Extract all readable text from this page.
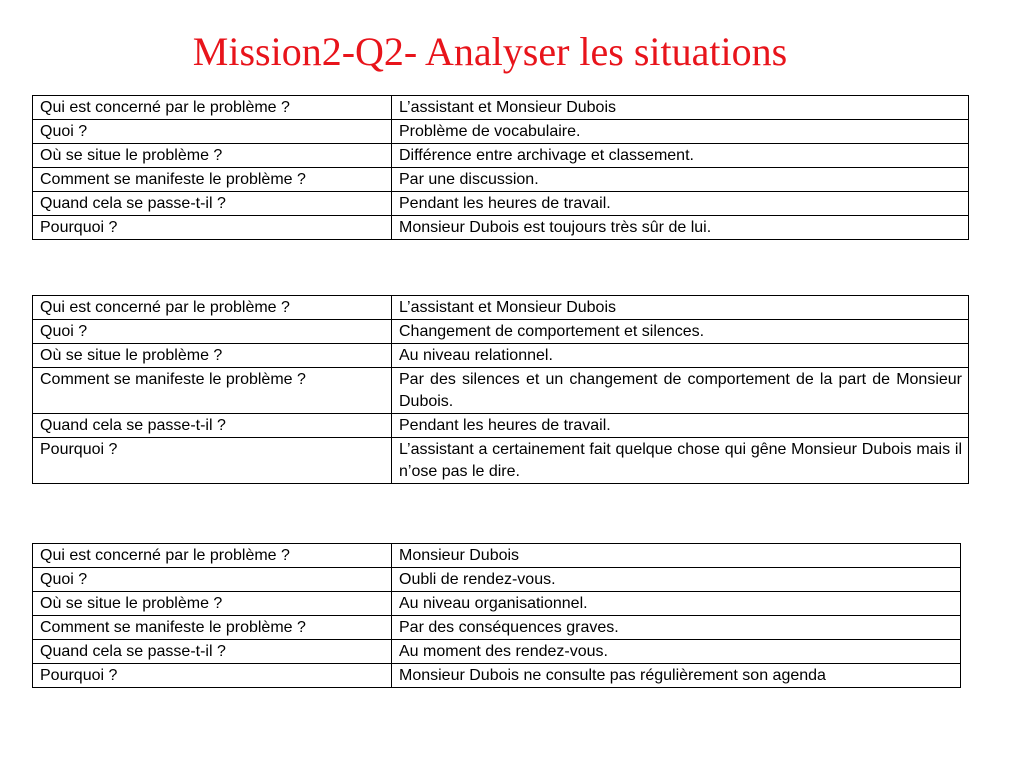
Mission2-Q2- Analyser les situations
Qui est concerné par le problème ?	L’assistant et Monsieur Dubois
Quoi ?	Problème de vocabulaire.
Où se situe le problème ?	Différence entre archivage et classement.
Comment se manifeste le problème ?	Par une discussion.
Quand cela se passe-t-il ?	Pendant les heures de travail.
Pourquoi ?	Monsieur Dubois est toujours très sûr de lui.
Qui est concerné par le problème ?	L’assistant et Monsieur Dubois
Quoi ?	Changement de comportement et silences.
Où se situe le problème ?	Au niveau relationnel.
Comment se manifeste le problème ?	Par des silences et un changement de comportement de la part de Monsieur Dubois.
Quand cela se passe-t-il ?	Pendant les heures de travail.
Pourquoi ?	L’assistant a certainement fait quelque chose qui gêne Monsieur Dubois mais il n’ose pas le dire.
Qui est concerné par le problème ?	Monsieur Dubois
Quoi ?	Oubli de rendez-vous.
Où se situe le problème ?	Au niveau organisationnel.
Comment se manifeste le problème ?	Par des conséquences graves.
Quand cela se passe-t-il ?	Au moment des rendez-vous.
Pourquoi ?	Monsieur Dubois ne consulte pas régulièrement son agenda
